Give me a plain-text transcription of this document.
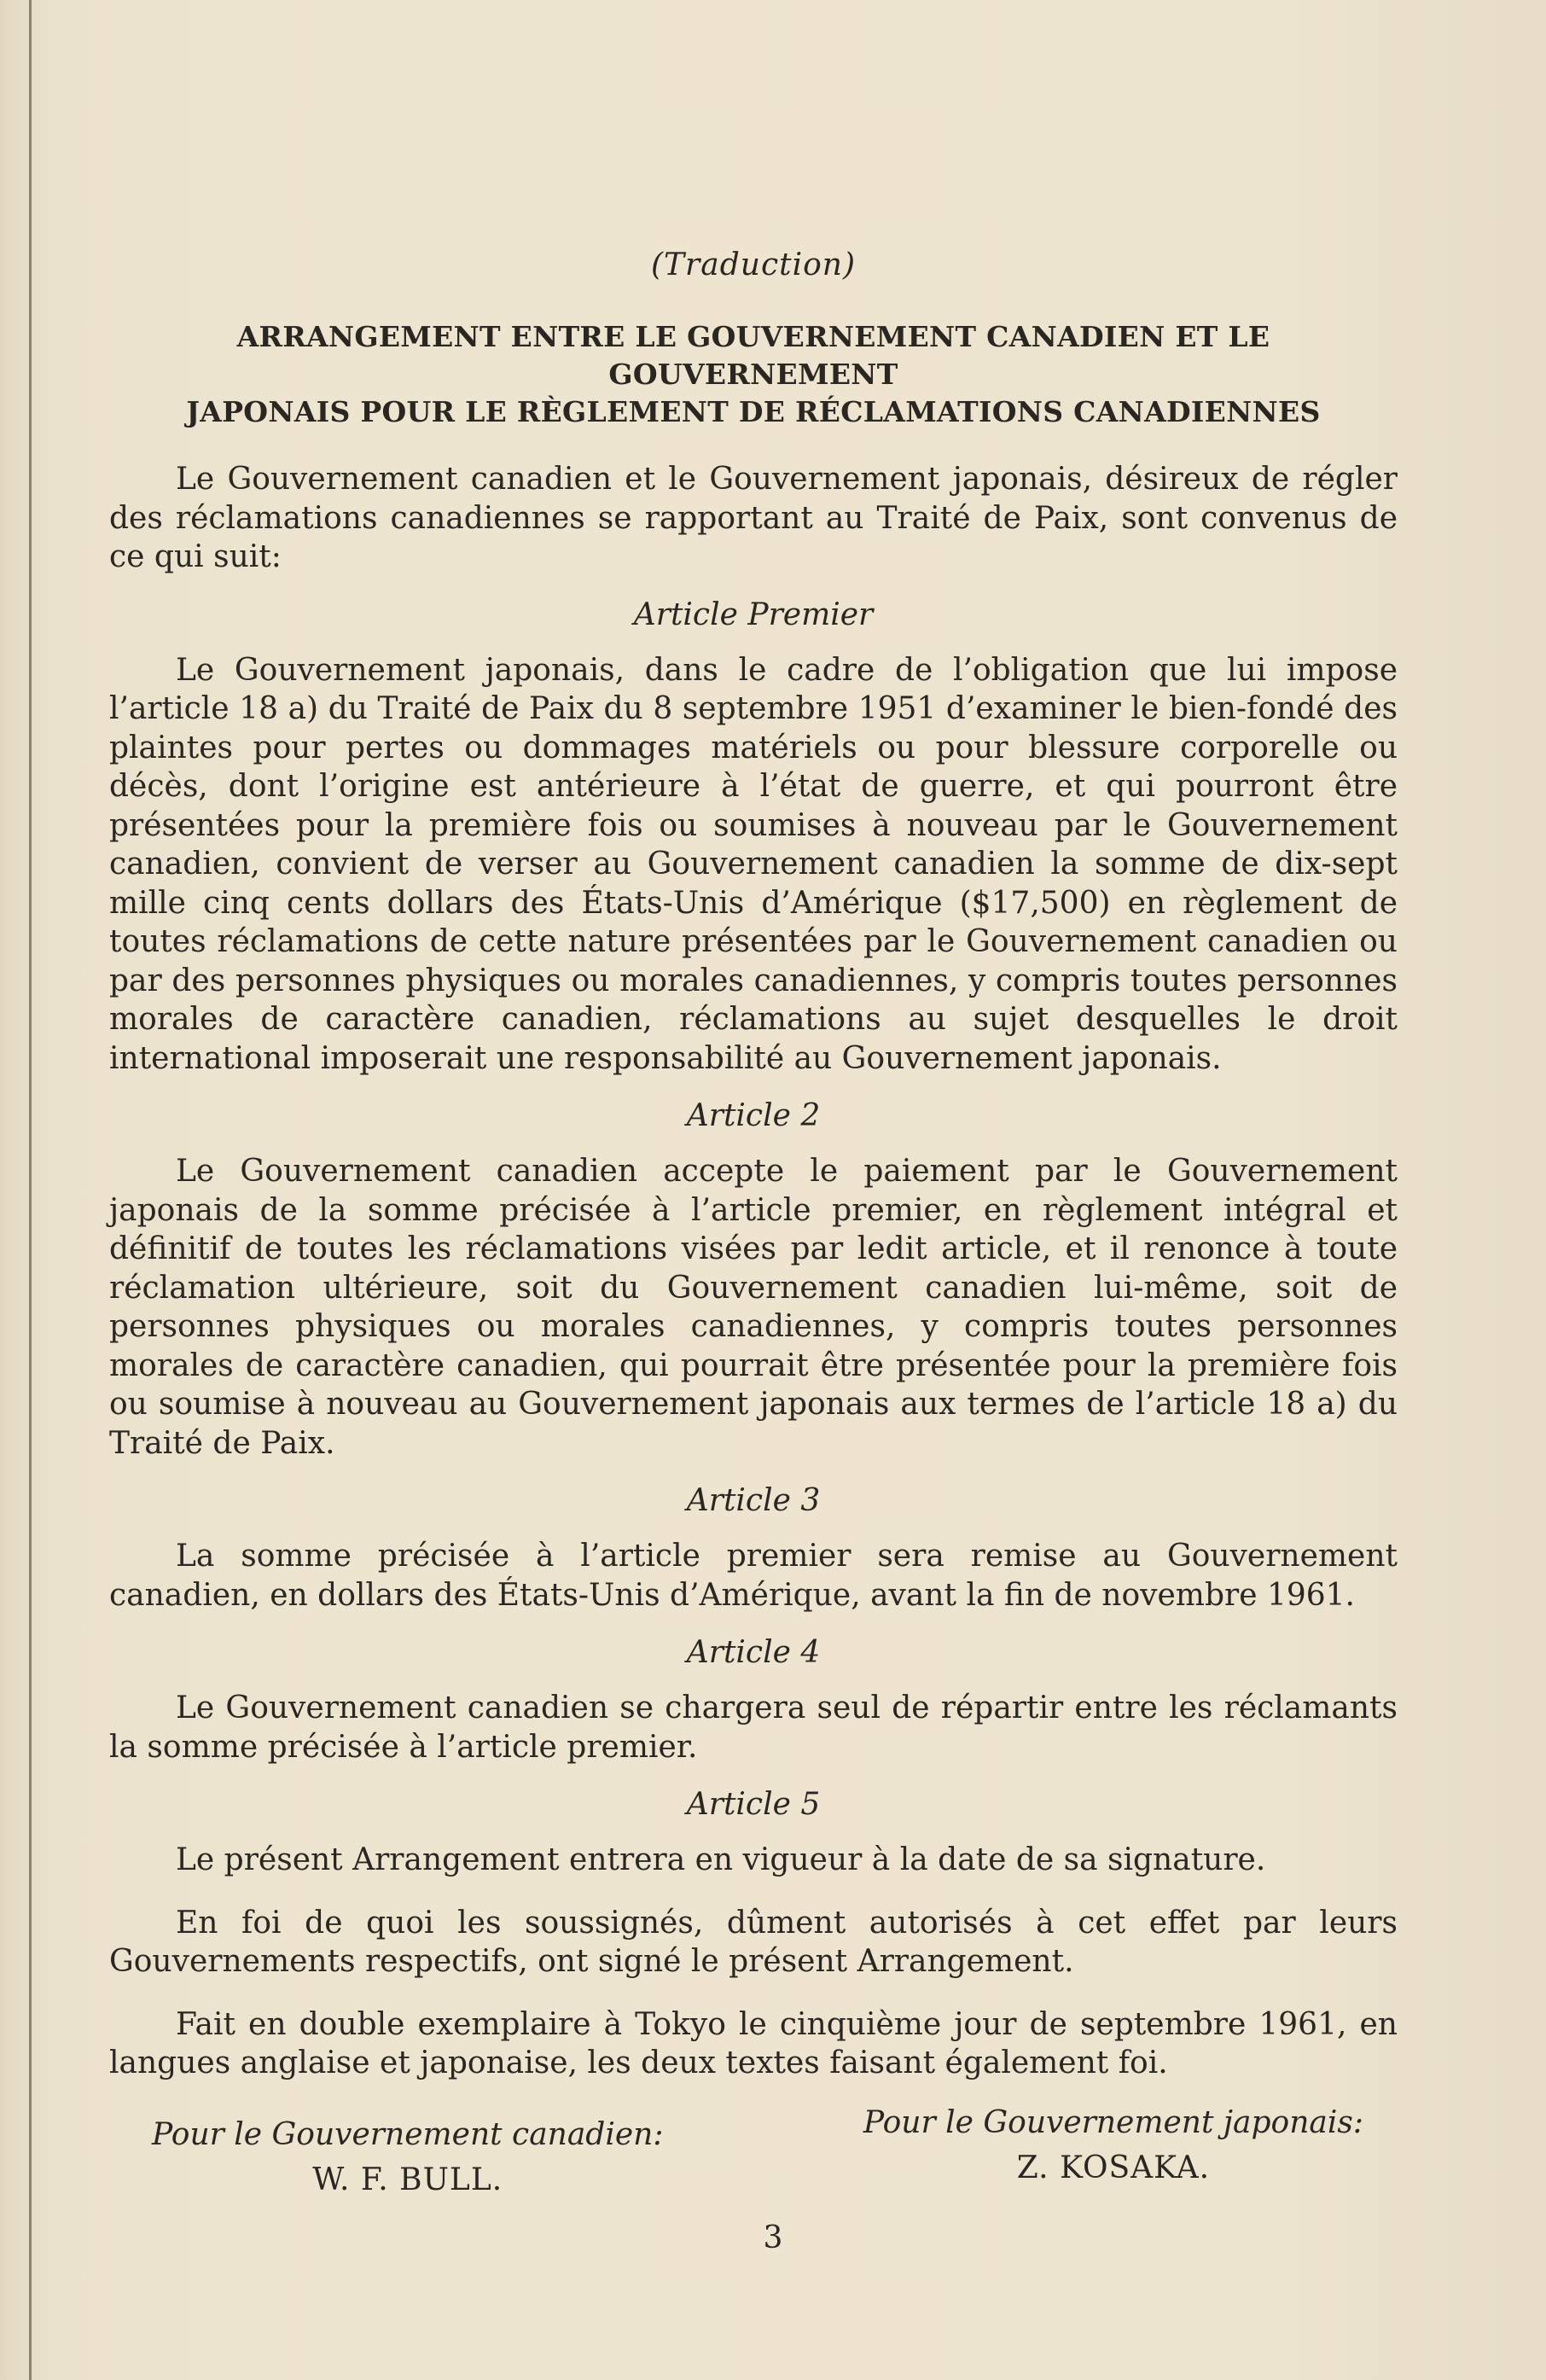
(Traduction)
ARRANGEMENT ENTRE LE GOUVERNEMENT CANADIEN ET LE GOUVERNEMENT
JAPONAIS POUR LE RÈGLEMENT DE RÉCLAMATIONS CANADIENNES

Le Gouvernement canadien et le Gouvernement japonais, désireux de régler des réclamations canadiennes se rapportant au Traité de Paix, sont convenus de ce qui suit:

Article Premier

Le Gouvernement japonais, dans le cadre de l’obligation que lui impose l’article 18 a) du Traité de Paix du 8 septembre 1951 d’examiner le bien-fondé des plaintes pour pertes ou dommages matériels ou pour blessure corporelle ou décès, dont l’origine est antérieure à l’état de guerre, et qui pourront être présentées pour la première fois ou soumises à nouveau par le Gouvernement canadien, convient de verser au Gouvernement canadien la somme de dix-sept mille cinq cents dollars des États-Unis d’Amérique ($17,500) en règlement de toutes réclamations de cette nature présentées par le Gouvernement canadien ou par des personnes physiques ou morales canadiennes, y compris toutes personnes morales de caractère canadien, réclamations au sujet desquelles le droit international imposerait une responsabilité au Gouvernement japonais.

Article 2

Le Gouvernement canadien accepte le paiement par le Gouvernement japonais de la somme précisée à l’article premier, en règlement intégral et définitif de toutes les réclamations visées par ledit article, et il renonce à toute réclamation ultérieure, soit du Gouvernement canadien lui-même, soit de personnes physiques ou morales canadiennes, y compris toutes personnes morales de caractère canadien, qui pourrait être présentée pour la première fois ou soumise à nouveau au Gouvernement japonais aux termes de l’article 18 a) du Traité de Paix.

Article 3

La somme précisée à l’article premier sera remise au Gouvernement canadien, en dollars des États-Unis d’Amérique, avant la fin de novembre 1961.

Article 4

Le Gouvernement canadien se chargera seul de répartir entre les réclamants la somme précisée à l’article premier.

Article 5

Le présent Arrangement entrera en vigueur à la date de sa signature.

En foi de quoi les soussignés, dûment autorisés à cet effet par leurs Gouvernements respectifs, ont signé le présent Arrangement.

Fait en double exemplaire à Tokyo le cinquième jour de septembre 1961, en langues anglaise et japonaise, les deux textes faisant également foi.

Pour le Gouvernement canadien:
W. F. BULL.
Pour le Gouvernement japonais:
Z. KOSAKA.
3
